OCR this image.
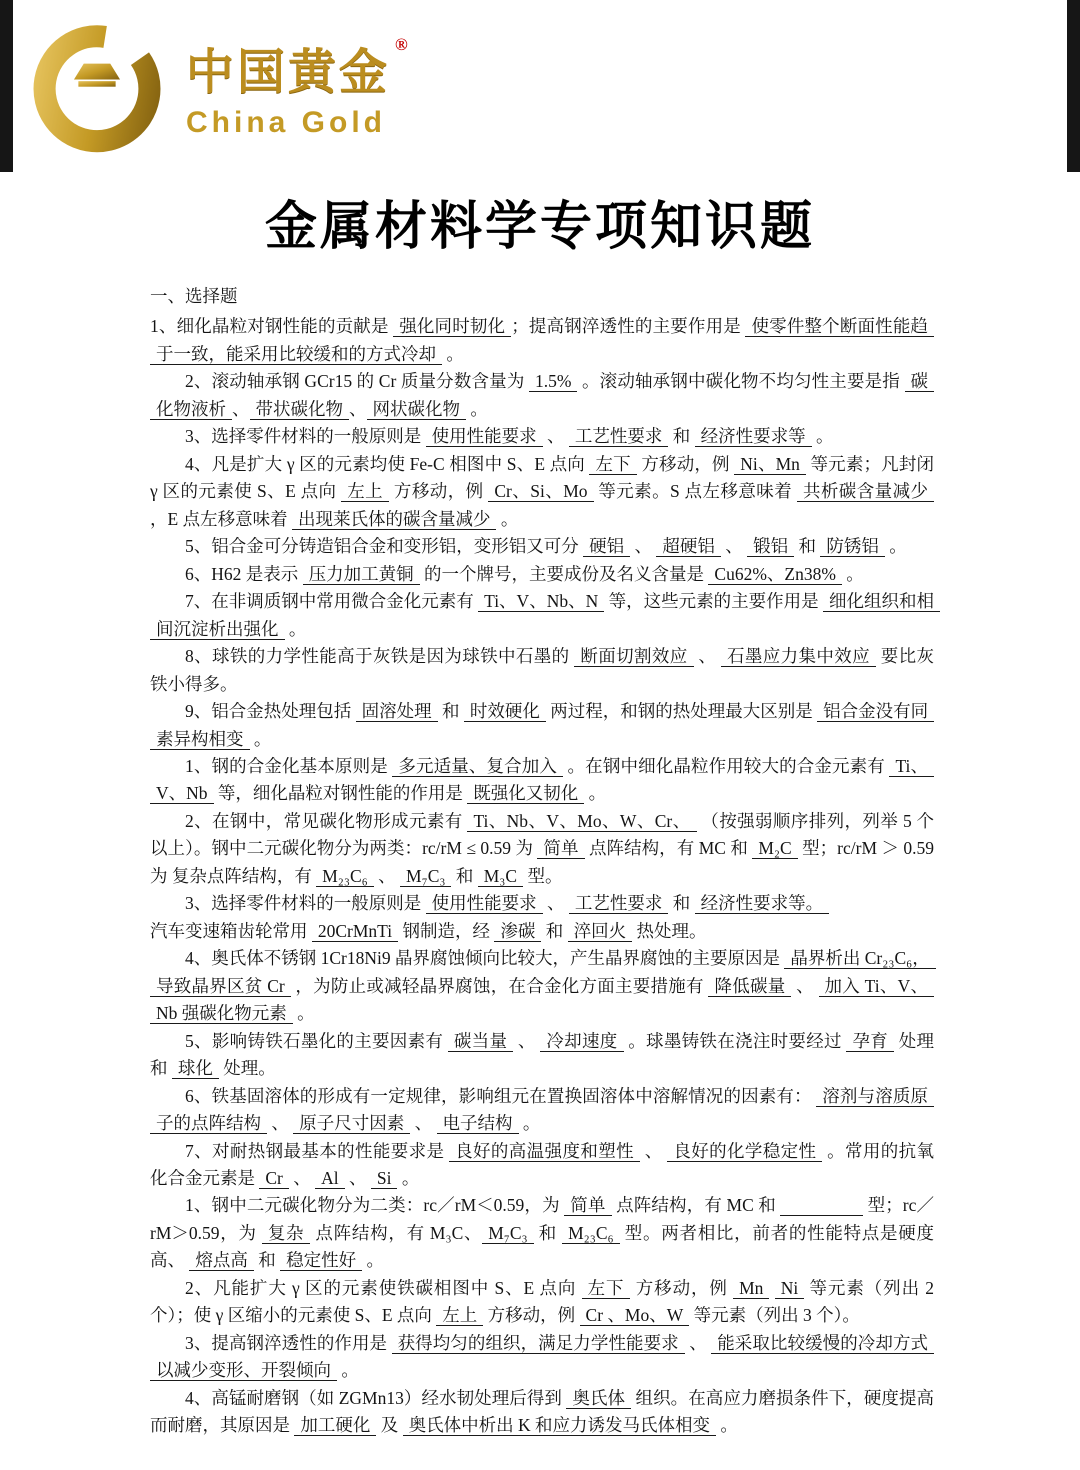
中国黄金
®
China Gold
金属材料学专项知识题

一、选择题

1、细化晶粒对钢性能的贡献是 强化同时韧化 ；提高钢淬透性的主要作用是 使零件整个断面性能趋于一致，能采用比较缓和的方式冷却 。

2、滚动轴承钢 GCr15 的 Cr 质量分数含量为 1.5% 。滚动轴承钢中碳化物不均匀性主要是指 碳化物液析 、 带状碳化物 、 网状碳化物 。

3、选择零件材料的一般原则是 使用性能要求 、 工艺性要求 和 经济性要求等 。

4、凡是扩大 γ 区的元素均使 Fe-C 相图中 S、E 点向 左下 方移动，例 Ni、Mn 等元素；凡封闭 γ 区的元素使 S、E 点向 左上 方移动，例 Cr、Si、Mo 等元素。S 点左移意味着 共析碳含量减少 ，E 点左移意味着 出现莱氏体的碳含量减少 。

5、铝合金可分铸造铝合金和变形铝，变形铝又可分 硬铝 、 超硬铝 、 锻铝 和 防锈铝 。

6、H62 是表示 压力加工黄铜 的一个牌号，主要成份及名义含量是 Cu62%、Zn38% 。

7、在非调质钢中常用微合金化元素有 Ti、V、Nb、N 等，这些元素的主要作用是 细化组织和相间沉淀析出强化 。

8、球铁的力学性能高于灰铁是因为球铁中石墨的 断面切割效应 、 石墨应力集中效应 要比灰铁小得多。

9、铝合金热处理包括 固溶处理 和 时效硬化 两过程，和钢的热处理最大区别是 铝合金没有同素异构相变 。

1、钢的合金化基本原则是 多元适量、复合加入 。在钢中细化晶粒作用较大的合金元素有 Ti、V、Nb 等，细化晶粒对钢性能的作用是 既强化又韧化 。

2、在钢中，常见碳化物形成元素有 Ti、Nb、V、Mo、W、Cr、 （按强弱顺序排列，列举 5 个以上）。钢中二元碳化物分为两类：rc/rM ≤ 0.59 为 简单 点阵结构，有 MC 和 M₂C 型；rc/rM ＞ 0.59 为 复杂点阵结构，有 M₂₃C₆ 、 M₇C₃ 和 M₃C 型。

3、选择零件材料的一般原则是 使用性能要求 、 工艺性要求 和 经济性要求等。

汽车变速箱齿轮常用 20CrMnTi 钢制造，经 渗碳 和 淬回火 热处理。

4、奥氏体不锈钢 1Cr18Ni9 晶界腐蚀倾向比较大，产生晶界腐蚀的主要原因是 晶界析出 Cr₂₃C₆，导致晶界区贫 Cr ，为防止或减轻晶界腐蚀，在合金化方面主要措施有 降低碳量 、 加入 Ti、V、Nb 强碳化物元素 。

5、影响铸铁石墨化的主要因素有 碳当量 、 冷却速度 。球墨铸铁在浇注时要经过 孕育 处理和 球化 处理。

6、铁基固溶体的形成有一定规律，影响组元在置换固溶体中溶解情况的因素有： 溶剂与溶质原子的点阵结构 、 原子尺寸因素 、 电子结构 。

7、对耐热钢最基本的性能要求是 良好的高温强度和塑性 、 良好的化学稳定性 。常用的抗氧化合金元素是 Cr 、 Al 、 Si 。

1、钢中二元碳化物分为二类：rc／rM＜0.59，为 简单 点阵结构，有 MC 和 　　　　	型；rc／rM＞0.59，为 复杂 点阵结构，有 M₃C、 M₇C₃ 和 M₂₃C₆ 型。两者相比，前者的性能特点是硬度高、 熔点高 和 稳定性好 。

2、凡能扩大 γ 区的元素使铁碳相图中 S、E 点向 左下 方移动，例 Mn Ni 等元素（列出 2 个）；使 γ 区缩小的元素使 S、E 点向 左上 方移动，例 Cr 、Mo、W 等元素（列出 3 个）。

3、提高钢淬透性的作用是 获得均匀的组织，满足力学性能要求 、 能采取比较缓慢的冷却方式以减少变形、开裂倾向 。

4、高锰耐磨钢（如 ZGMn13）经水韧处理后得到 奥氏体 组织。在高应力磨损条件下，硬度提高而耐磨，其原因是 加工硬化 及 奥氏体中析出 K 和应力诱发马氏体相变 。
